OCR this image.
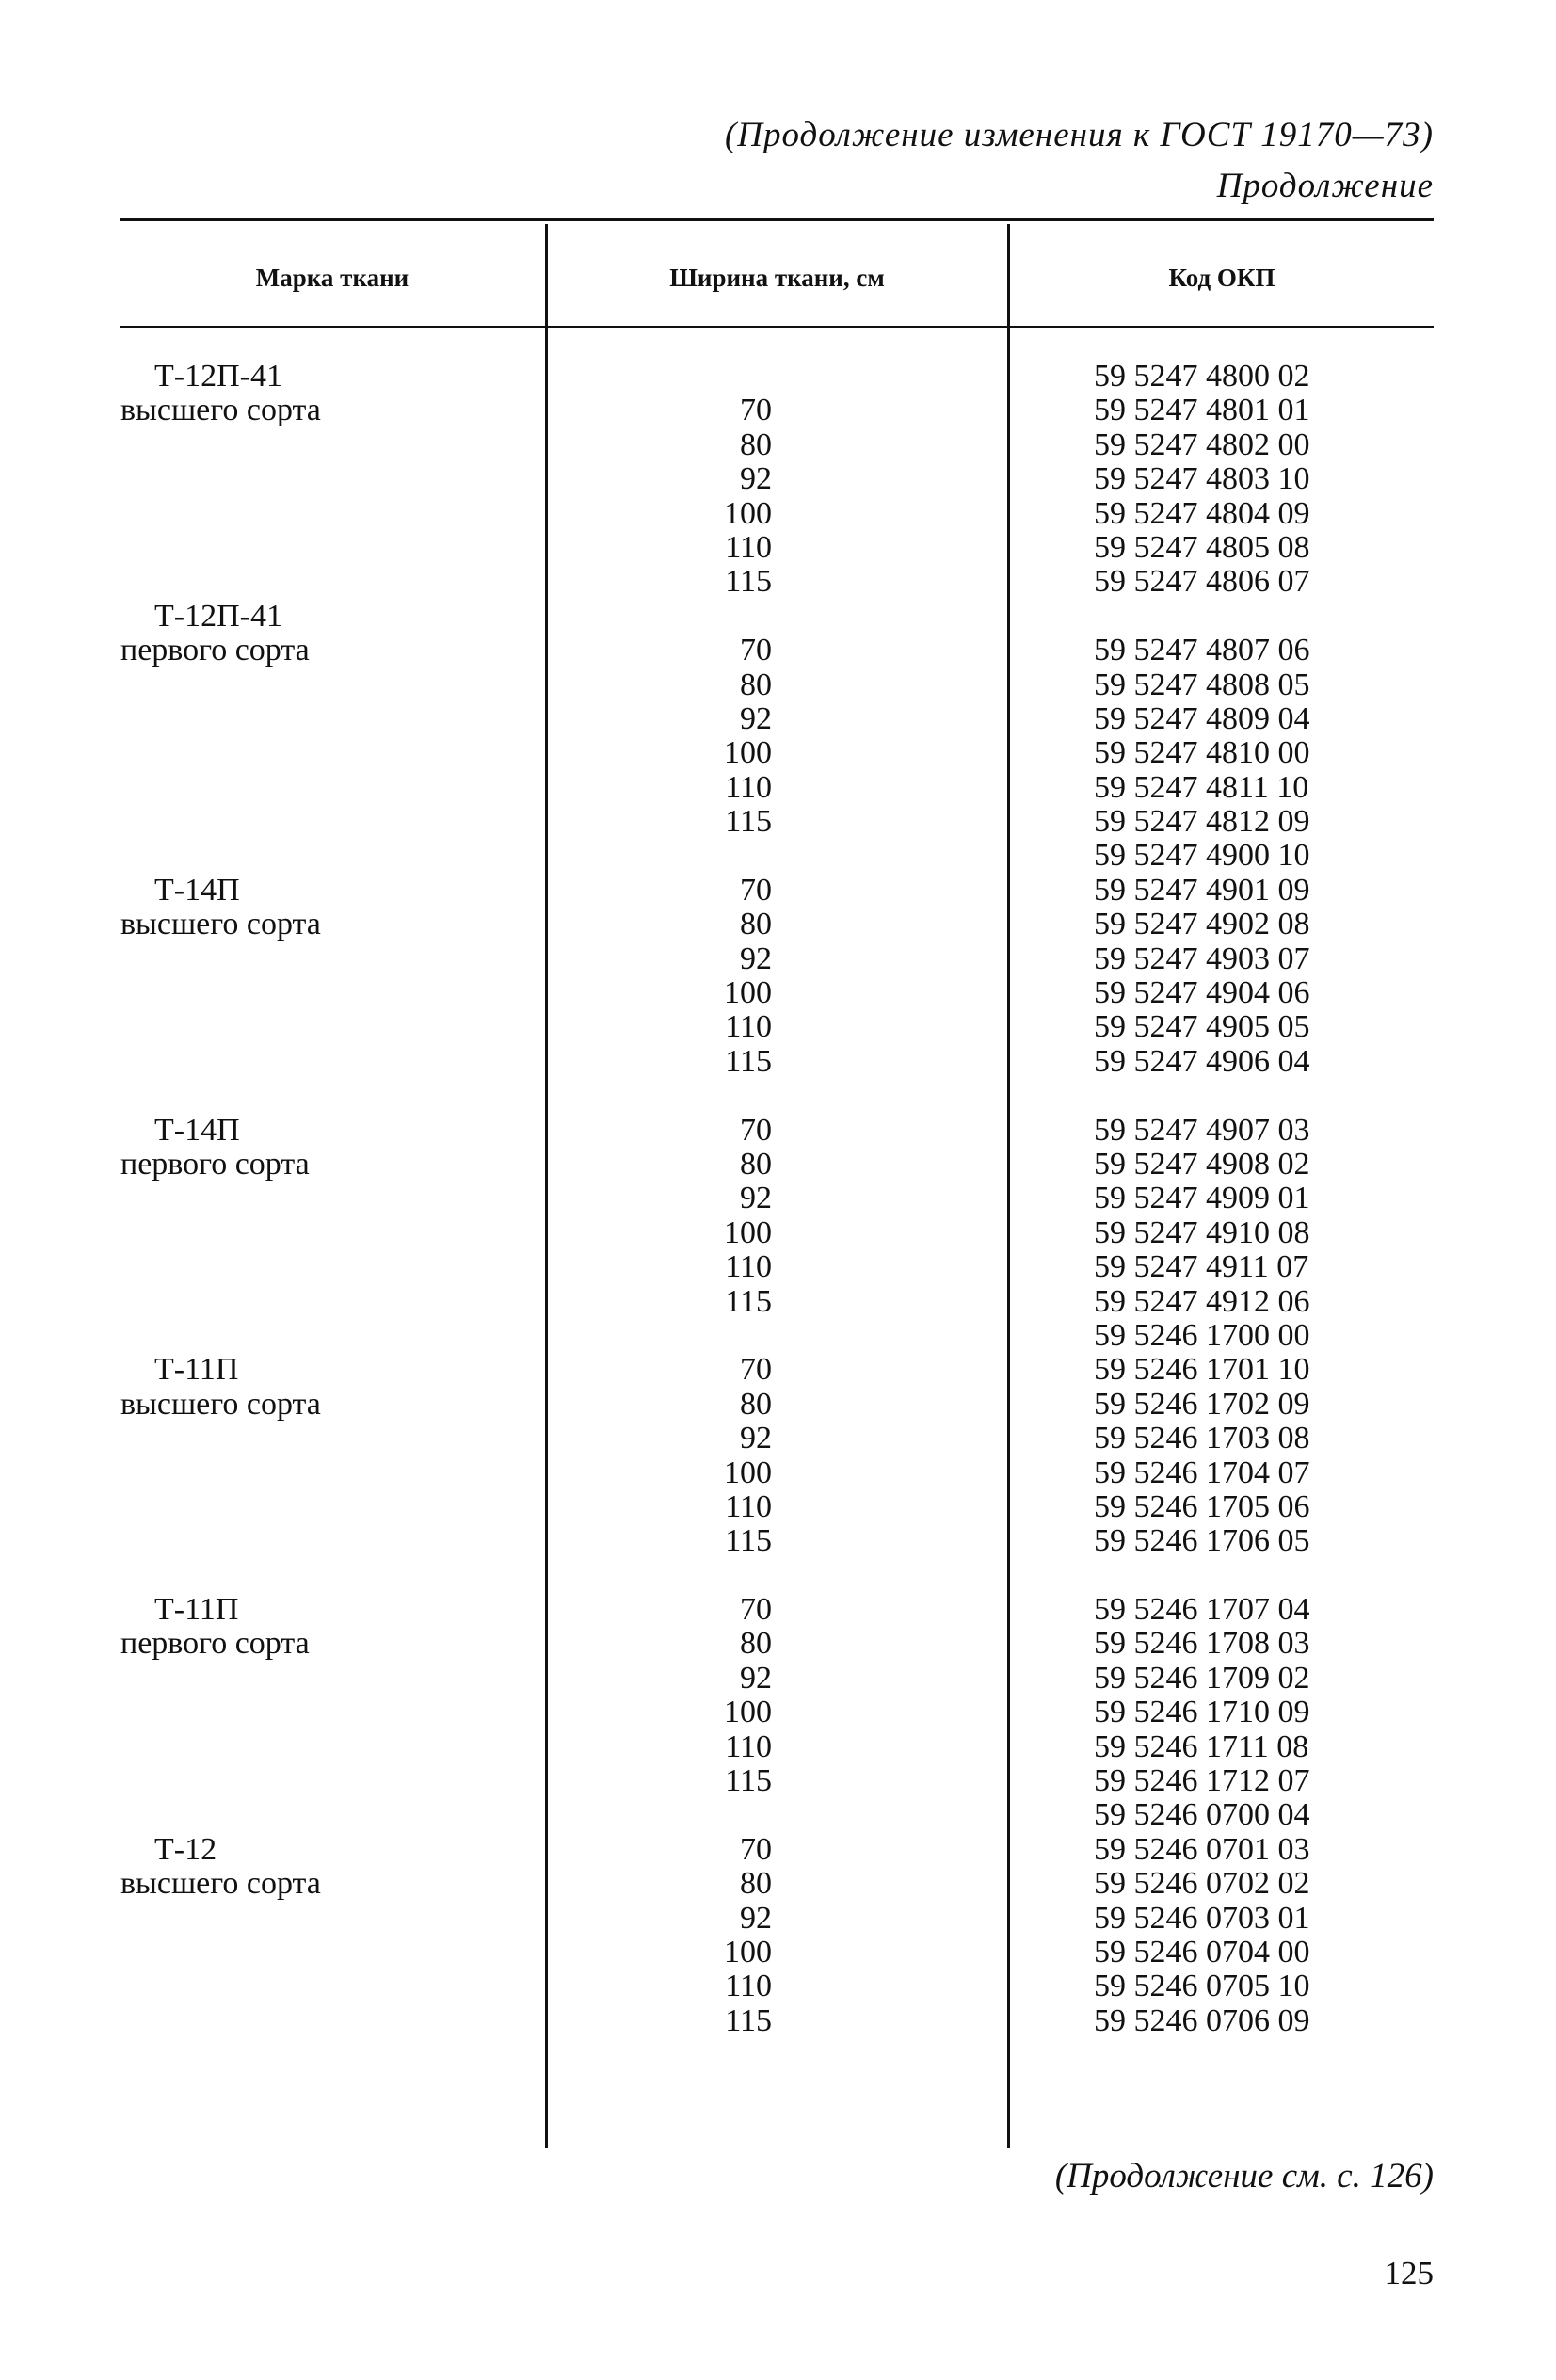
(Продолжение изменения к ГОСТ 19170—73)
Продолжение
Марка ткани	Ширина ткани, см	Код ОКП
Т-12П-41
высшего сорта
Т-12П-41
первого сорта
Т-14П
высшего сорта
Т-14П
первого сорта
Т-11П
высшего сорта
Т-11П
первого сорта
Т-12
высшего сорта
70
80
92
100
110
115
70
80
92
100
110
115
70
80
92
100
110
115
70
80
92
100
110
115
70
80
92
100
110
115
70
80
92
100
110
115
70
80
92
100
110
115
59 5247 4800 02
59 5247 4801 01
59 5247 4802 00
59 5247 4803 10
59 5247 4804 09
59 5247 4805 08
59 5247 4806 07
59 5247 4807 06
59 5247 4808 05
59 5247 4809 04
59 5247 4810 00
59 5247 4811 10
59 5247 4812 09
59 5247 4900 10
59 5247 4901 09
59 5247 4902 08
59 5247 4903 07
59 5247 4904 06
59 5247 4905 05
59 5247 4906 04
59 5247 4907 03
59 5247 4908 02
59 5247 4909 01
59 5247 4910 08
59 5247 4911 07
59 5247 4912 06
59 5246 1700 00
59 5246 1701 10
59 5246 1702 09
59 5246 1703 08
59 5246 1704 07
59 5246 1705 06
59 5246 1706 05
59 5246 1707 04
59 5246 1708 03
59 5246 1709 02
59 5246 1710 09
59 5246 1711 08
59 5246 1712 07
59 5246 0700 04
59 5246 0701 03
59 5246 0702 02
59 5246 0703 01
59 5246 0704 00
59 5246 0705 10
59 5246 0706 09
(Продолжение см. с. 126)
125
